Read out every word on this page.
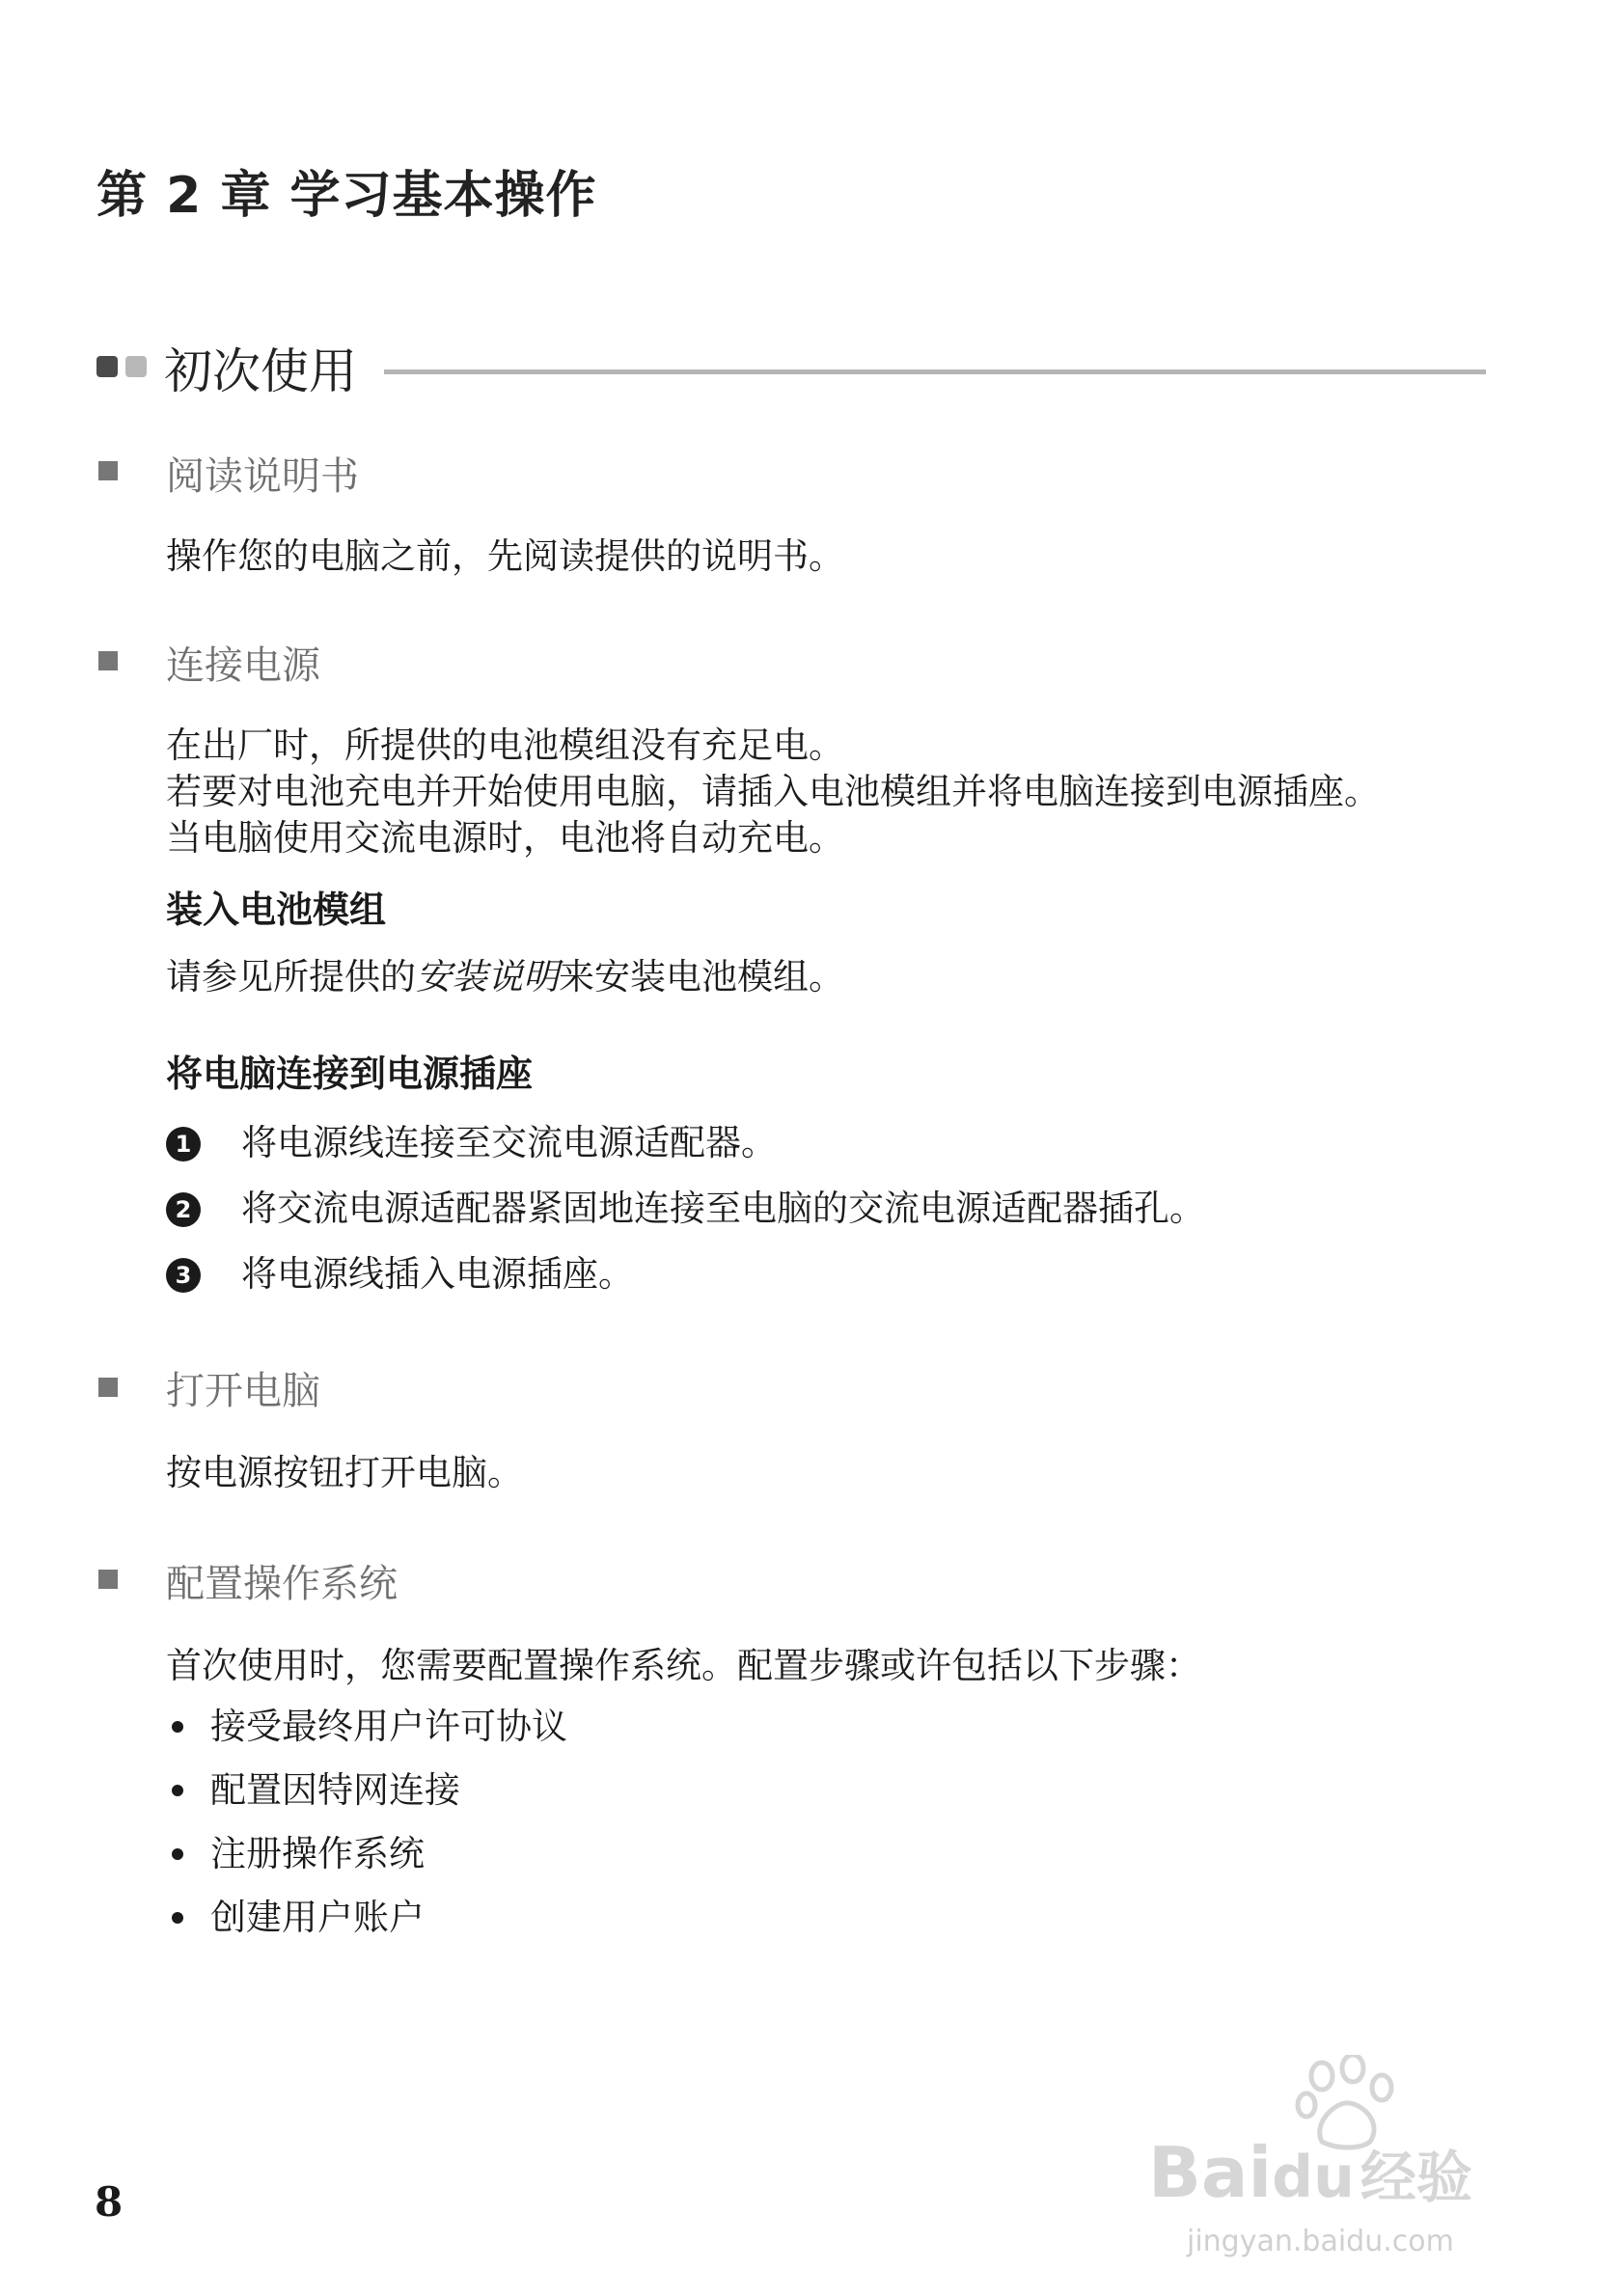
第 2 章 学习基本操作
初次使用
阅读说明书
操作您的电脑之前，先阅读提供的说明书。
连接电源
在出厂时，所提供的电池模组没有充足电。
若要对电池充电并开始使用电脑，请插入电池模组并将电脑连接到电源插座。
当电脑使用交流电源时，电池将自动充电。
装入电池模组
请参见所提供的安装说明来安装电池模组。
将电脑连接到电源插座
1 将电源线连接至交流电源适配器。
2 将交流电源适配器紧固地连接至电脑的交流电源适配器插孔。
3 将电源线插入电源插座。
打开电脑
按电源按钮打开电脑。
配置操作系统
首次使用时，您需要配置操作系统。配置步骤或许包括以下步骤：
接受最终用户许可协议
配置因特网连接
注册操作系统
创建用户账户
8	Baidu 经验
jingyan.baidu.com
